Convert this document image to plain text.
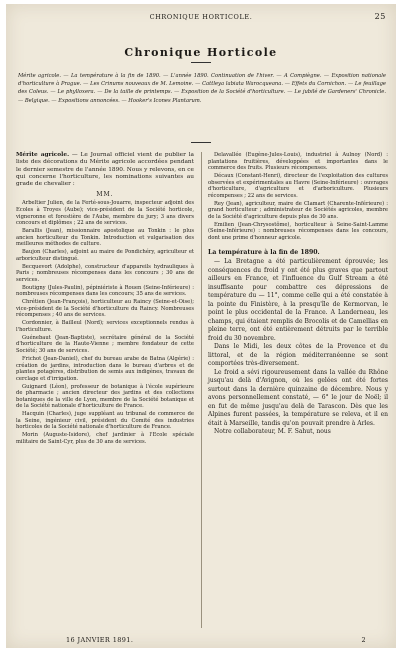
CHRONIQUE HORTICOLE.	25
Chronique Horticole
Mérite agricole. — La température à la fin de 1890. — L'année 1890. Continuation de l'hiver. — A Compiègne. — Exposition nationale d'horticulture à Prague. — Les Crinums nouveaux de M. Lemoine. — Cattleya labiata Warocqueana. — Effets du Cornichon. — Le feuillage des Coleus. — Le phylloxera. — De la taille de printemps. — Exposition de la Société d'horticulture. — Le jubilé de Gardeners' Chronicle. — Belgique. — Expositions annoncées. — Hooker's Icones Plantarum.

Mérite agricole. — Le Journal officiel vient de publier la liste des décorations du Mérite agricole accordées pendant le dernier semestre de l'année 1890. Nous y relevons, en ce qui concerne l'horticulture, les nominations suivantes au grade de chevalier :

MM.

Arbeltier Julien, de la Ferté-sous-Jouarre, inspecteur adjoint des Ecoles à Troyes (Aube); vice-président de la Société horticole, vigneronne et forestière de l'Aube, membre du jury; 3 ans divers concours et diplômes ; 22 ans de services.

Barallis (Jean), missionnaire apostolique au Tonkin : le plus ancien horticulteur du Tonkin. Introduction et vulgarisation des meilleures méthodes de culture.

Baujon (Charles), adjoint au maire de Pondichéry, agriculteur et arboriculteur distingué.

Becquevort (Adolphe), constructeur d'appareils hydrauliques à Paris ; nombreuses récompenses dans les concours ; 30 ans de services.

Boutigny (Jules-Paulin), pépiniériste à Rouen (Seine-Inférieure) : nombreuses récompenses dans les concours; 35 ans de services.

Chrétien (Jean-François), horticulteur au Raincy (Seine-et-Oise); vice-président de la Société d'horticulture du Raincy. Nombreuses récompenses ; 40 ans de services.

Cordonnier, à Bailleul (Nord); services exceptionnels rendus à l'horticulture.

Guénebaut (Jean-Baptiste), secrétaire général de la Société d'horticulture de la Haute-Vienne ; membre fondateur de cette Société; 30 ans de services.

Frichot (Jean-Daniel), chef du bureau arabe de Batna (Algérie) : création de jardins, introduction dans le bureau d'arbres et de plantes potagères, distribution de semis aux indigènes, travaux de cerclage et d'irrigation.

Guignard (Léon), professeur de botanique à l'école supérieure de pharmacie ; ancien directeur des jardins et des collections botaniques de la ville de Lyon, membre de la Société botanique et de la Société nationale d'horticulture de France.

Hacquin (Charles), juge suppléant au tribunal de commerce de la Seine, ingénieur civil, président du Comité des industries horticoles de la Société nationale d'horticulture de France.

Morin (Auguste-Isidore), chef jardinier à l'Ecole spéciale militaire de Saint-Cyr, plus de 30 ans de services.

Delavallée (Eugène-Jules-Louis), industriel à Aulnoy (Nord) : plantations fruitières, développées et importantes dans le commerce des fruits. Plusieurs récompenses.

Décaux (Constant-Henri), directeur de l'exploitation des cultures observées et expérimentales au Havre (Seine-Inférieure) : ouvrages d'horticulture, d'agriculture et d'arboriculture. Plusieurs récompenses ; 22 ans de services.

Rey (Jean), agriculteur, maire de Clamart (Charente-Inférieure) : grand horticulteur ; administrateur de Sociétés agricoles, membre de la Société d'agriculture depuis plus de 30 ans.

Emilien (Jean-Chrysostôme), horticulteur à Seine-Saint-Lamme (Seine-Inférieure) : nombreuses récompenses dans les concours, dont une prime d'honneur agricole.

La température à la fin de 1890.

— La Bretagne a été particulièrement éprouvée; les conséquences du froid y ont été plus graves que partout ailleurs en France, et l'influence du Gulf Stream a été insuffisante pour combattre ces dépressions de température du — 11°, comme celle qui a été constatée à la pointe du Finistère, à la presqu'île de Kermorvan, le point le plus occidental de la France. A Landerneau, les champs, qui étaient remplis de Brocolis et de Camellias en pleine terre, ont été entièrement détruits par le terrible froid du 30 novembre.

Dans le Midi, les deux côtes de la Provence et du littoral, et de la région méditerranéenne se sont comportées très-diversement.

Le froid a sévi rigoureusement dans la vallée du Rhône jusqu'au delà d'Avignon, où les gelées ont été fortes surtout dans la dernière quinzaine de décembre. Nous y avons personnellement constaté, — 6° le jour de Noël; il en fut de même jusqu'au delà de Tarascon. Dès que les Alpines furent passées, la température se releva, et il en était à Marseille, tandis qu'on pouvait prendre à Arles.

Notre collaborateur, M. F. Sahut, nous

16 JANVIER 1891.	2
